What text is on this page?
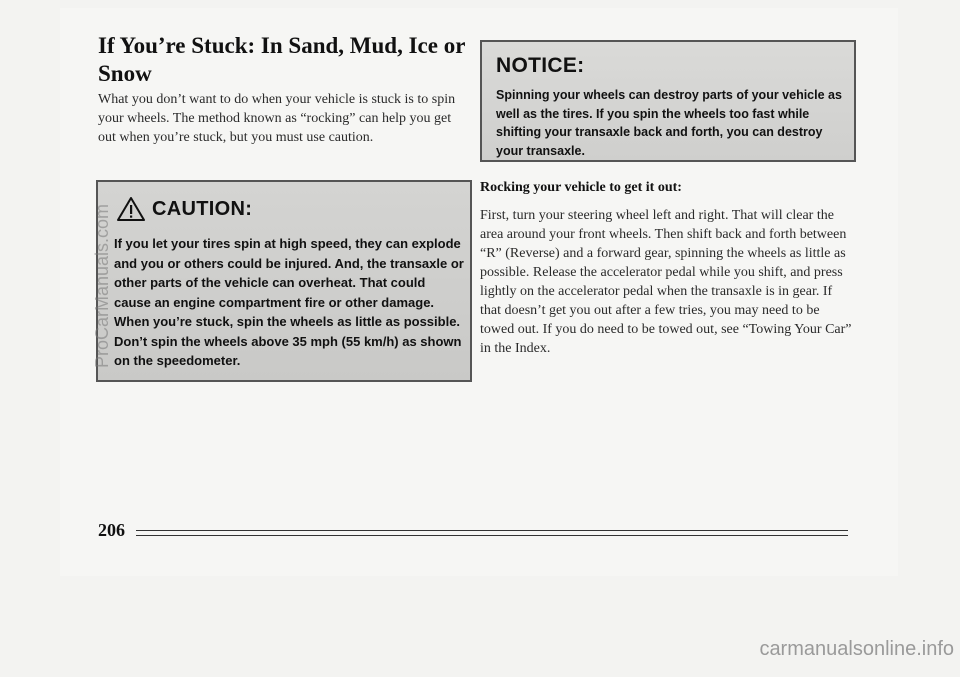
If You’re Stuck: In Sand, Mud, Ice or Snow

What you don’t want to do when your vehicle is stuck is to spin your wheels. The method known as “rocking” can help you get out when you’re stuck, but you must use caution.

CAUTION:

If you let your tires spin at high speed, they can explode and you or others could be injured. And, the transaxle or other parts of the vehicle can overheat. That could cause an engine compartment fire or other damage. When you’re stuck, spin the wheels as little as possible. Don’t spin the wheels above 35 mph (55 km/h) as shown on the speedometer.

NOTICE:

Spinning your wheels can destroy parts of your vehicle as well as the tires. If you spin the wheels too fast while shifting your transaxle back and forth, you can destroy your transaxle.

Rocking your vehicle to get it out:

First, turn your steering wheel left and right. That will clear the area around your front wheels. Then shift back and forth between “R” (Reverse) and a forward gear, spinning the wheels as little as possible. Release the accelerator pedal while you shift, and press lightly on the accelerator pedal when the transaxle is in gear. If that doesn’t get you out after a few tries, you may need to be towed out. If you do need to be towed out, see “Towing Your Car” in the Index.

206
ProCarManuals.com
carmanualsonline.info
